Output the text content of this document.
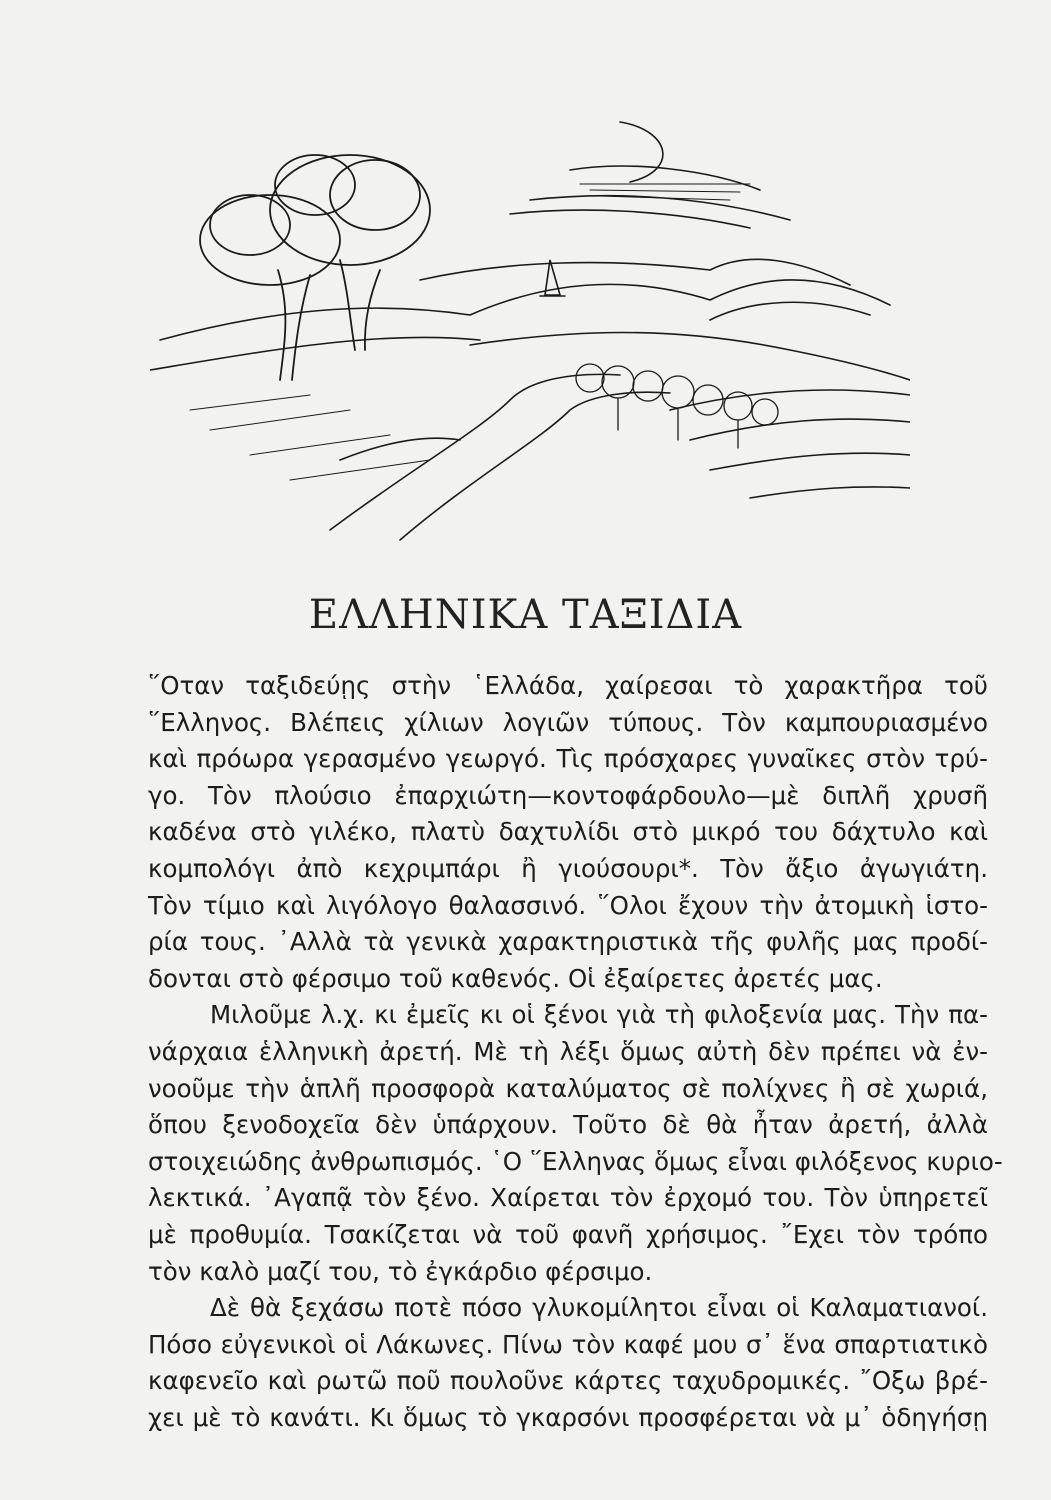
ΕΛΛΗΝΙΚΑ ΤΑΞΙΔΙΑ
῞Οταν ταξιδεύῃς στὴν ῾Ελλάδα, χαίρεσαι τὸ χαρακτῆρα τοῦ
῞Ελληνος. Βλέπεις χίλιων λογιῶν τύπους. Τὸν καμπουριασμένο
καὶ πρόωρα γερασμένο γεωργό. Τὶς πρόσχαρες γυναῖκες στὸν τρύ-
γο. Τὸν πλούσιο ἐπαρχιώτη—κοντοφάρδουλο—μὲ διπλῆ χρυσῆ
καδένα στὸ γιλέκο, πλατὺ δαχτυλίδι στὸ μικρό του δάχτυλο καὶ
κομπολόγι ἀπὸ κεχριμπάρι ἢ γιούσουρι*. Τὸν ἄξιο ἀγωγιάτη.
Τὸν τίμιο καὶ λιγόλογο θαλασσινό. ῞Ολοι ἔχουν τὴν ἀτομικὴ ἱστο-
ρία τους. ᾿Αλλὰ τὰ γενικὰ χαρακτηριστικὰ τῆς φυλῆς μας προδί-
δονται στὸ φέρσιμο τοῦ καθενός. Οἱ ἐξαίρετες ἀρετές μας.
Μιλοῦμε λ.χ. κι ἐμεῖς κι οἱ ξένοι γιὰ τὴ φιλοξενία μας. Τὴν πα-
νάρχαια ἑλληνικὴ ἀρετή. Μὲ τὴ λέξι ὅμως αὐτὴ δὲν πρέπει νὰ ἐν-
νοοῦμε τὴν ἁπλῆ προσφορὰ καταλύματος σὲ πολίχνες ἢ σὲ χωριά,
ὅπου ξενοδοχεῖα δὲν ὑπάρχουν. Τοῦτο δὲ θὰ ἦταν ἀρετή, ἀλλὰ
στοιχειώδης ἀνθρωπισμός. ῾Ο ῞Ελληνας ὅμως εἶναι φιλόξενος κυριο-
λεκτικά. ᾿Αγαπᾷ τὸν ξένο. Χαίρεται τὸν ἐρχομό του. Τὸν ὑπηρετεῖ
μὲ προθυμία. Τσακίζεται νὰ τοῦ φανῆ χρήσιμος. ῎Εχει τὸν τρόπο
τὸν καλὸ μαζί του, τὸ ἐγκάρδιο φέρσιμο.
Δὲ θὰ ξεχάσω ποτὲ πόσο γλυκομίλητοι εἶναι οἱ Καλαματιανοί.
Πόσο εὐγενικοὶ οἱ Λάκωνες. Πίνω τὸν καφέ μου σ᾿ ἕνα σπαρτιατικὸ
καφενεῖο καὶ ρωτῶ ποῦ πουλοῦνε κάρτες ταχυδρομικές. ῎Οξω βρέ-
χει μὲ τὸ κανάτι. Κι ὅμως τὸ γκαρσόνι προσφέρεται νὰ μ᾿ ὁδηγήσῃ
